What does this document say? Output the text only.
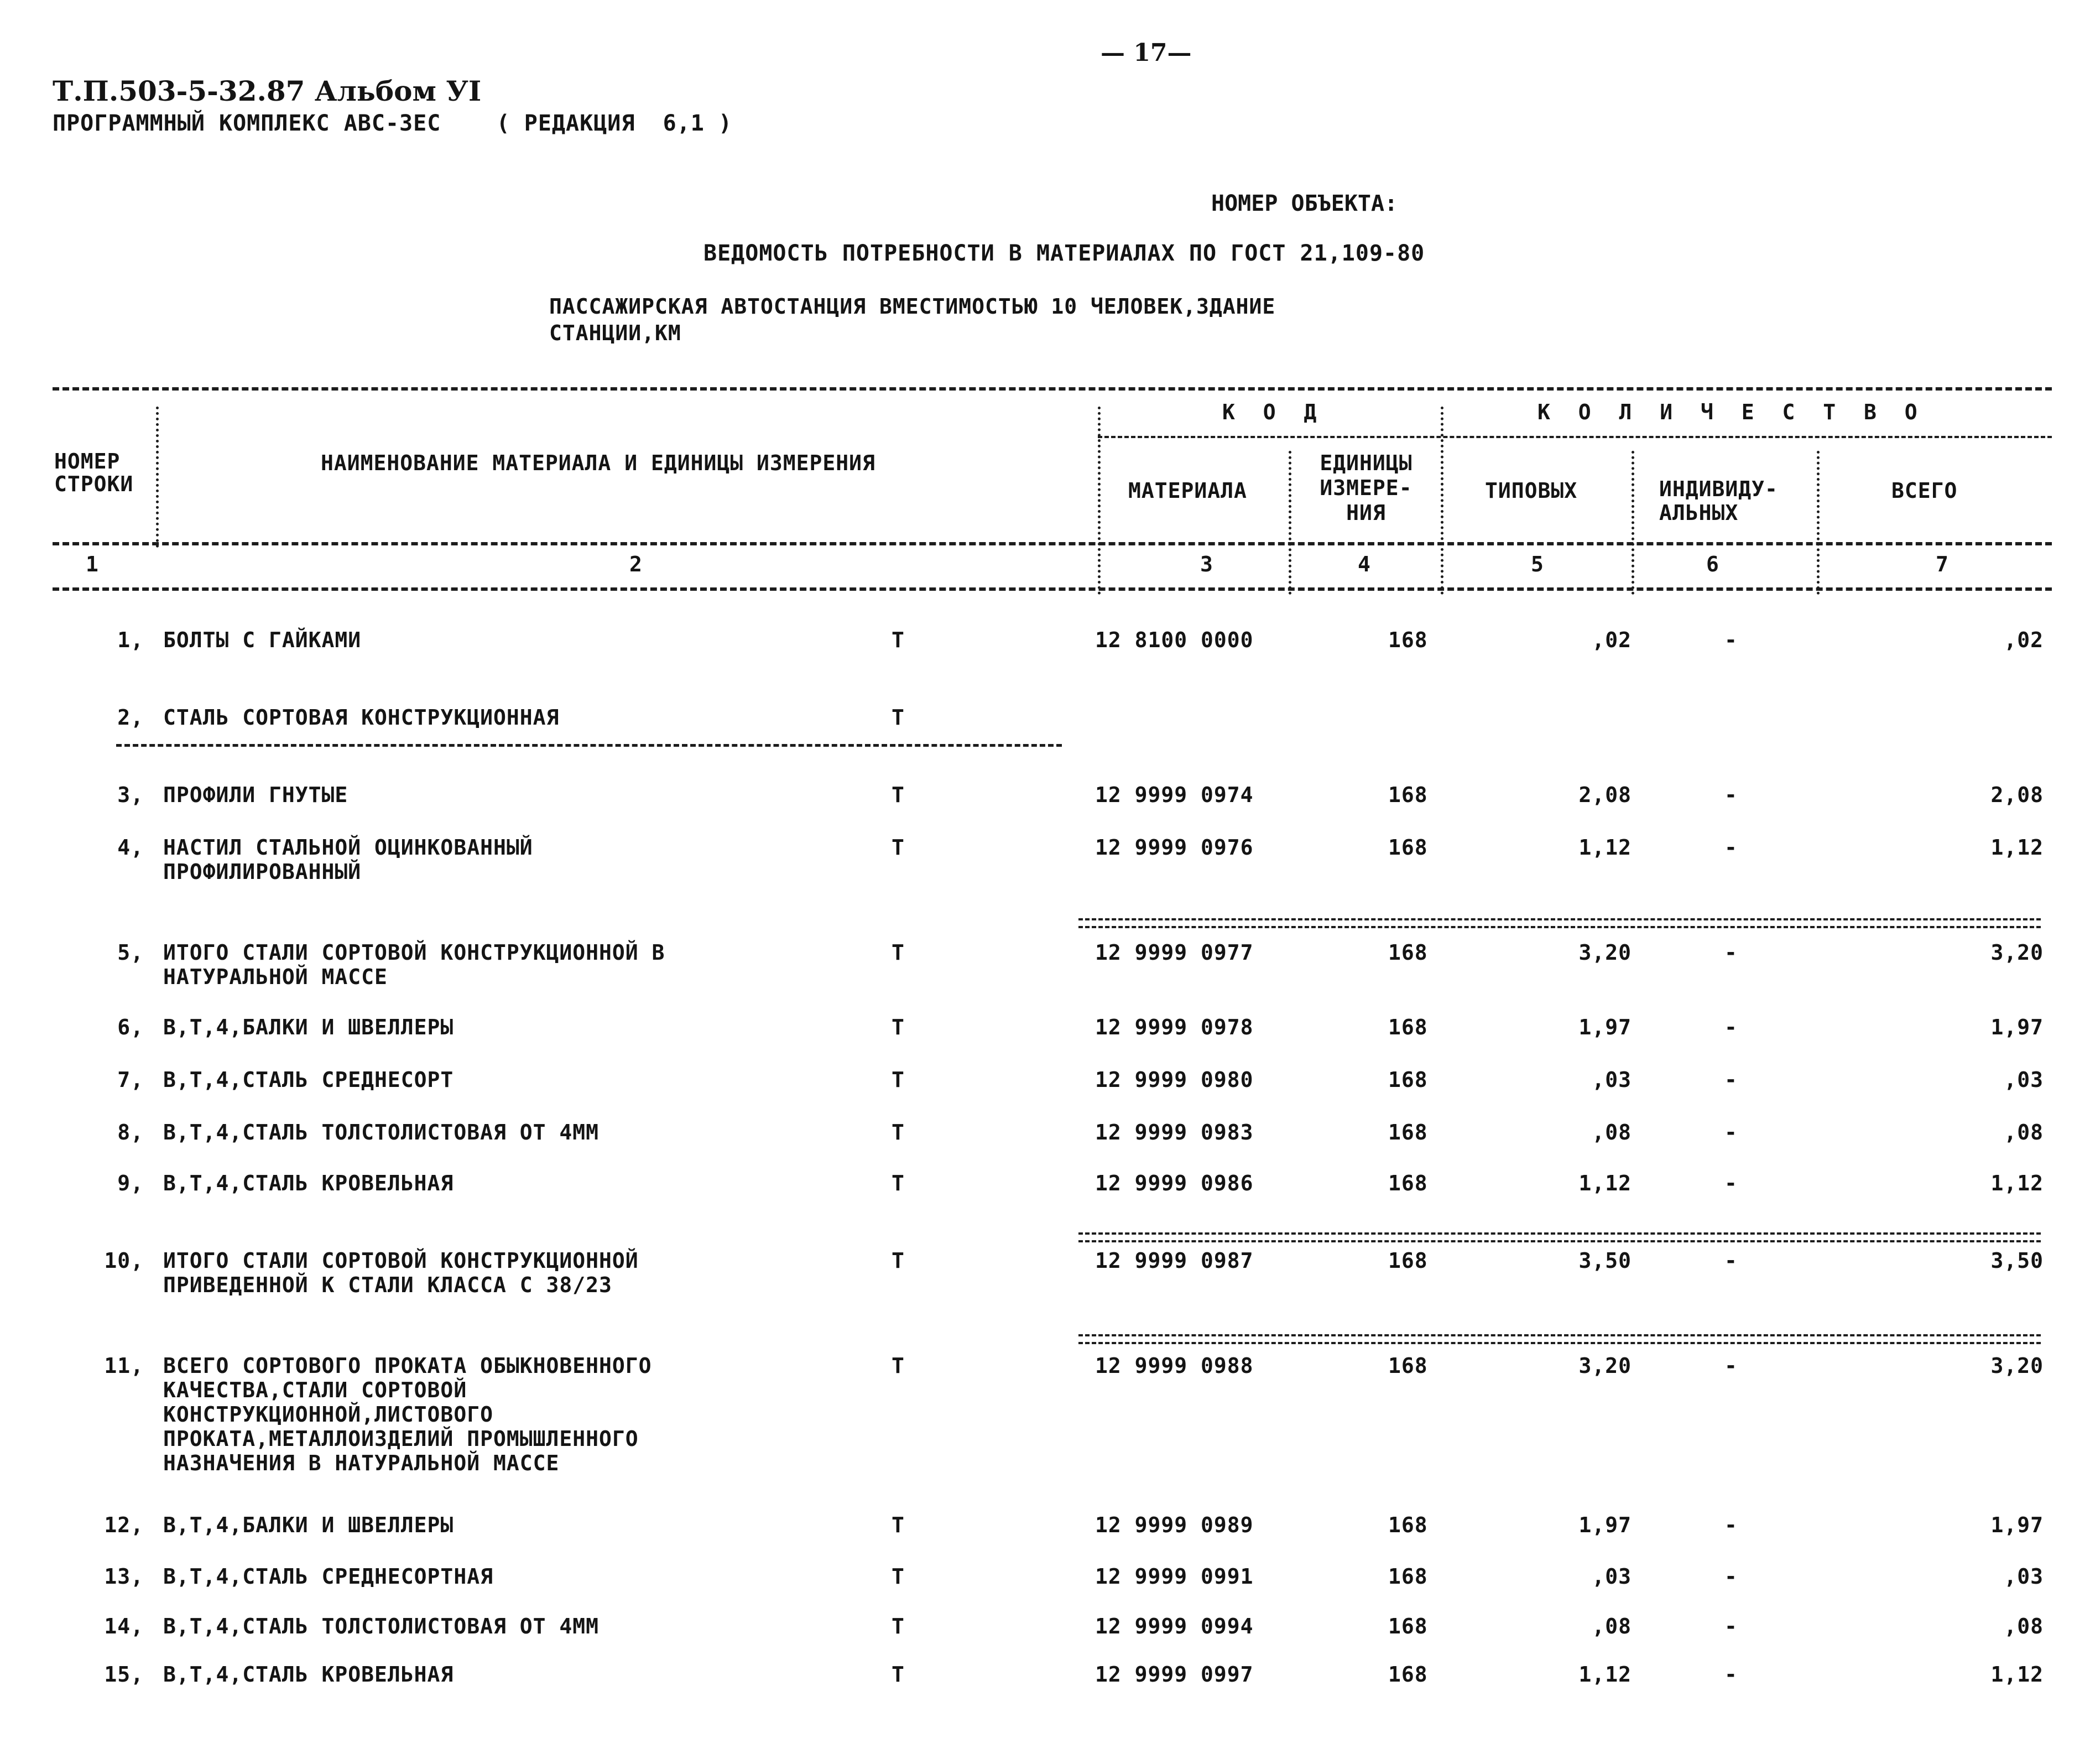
— 17—
Т.П.503-5-32.87 Альбом УI
ПРОГРАММНЫЙ КОМПЛЕКС АВС-3ЕС    ( РЕДАКЦИЯ  6,1 )
НОМЕР ОБЪЕКТА:
ВЕДОМОСТЬ ПОТРЕБНОСТИ В МАТЕРИАЛАХ ПО ГОСТ 21,109-80
ПАССАЖИРСКАЯ АВТОСТАНЦИЯ ВМЕСТИМОСТЬЮ 10 ЧЕЛОВЕК,ЗДАНИЕ
СТАНЦИИ,КМ
НОМЕР
СТРОКИ
НАИМЕНОВАНИЕ МАТЕРИАЛА И ЕДИНИЦЫ ИЗМЕРЕНИЯ
К О Д	К О Л И Ч Е С Т В О
МАТЕРИАЛА
ЕДИНИЦЫ
ИЗМЕРЕ-
НИЯ
ТИПОВЫХ	ИНДИВИДУ-
АЛЬНЫХ
ВСЕГО
1	2	3	4	5	6	7
1, БОЛТЫ С ГАЙКАМИ	Т	12 8100 0000	168	,02	-	,02
2, СТАЛЬ СОРТОВАЯ КОНСТРУКЦИОННАЯ	Т
3, ПРОФИЛИ ГНУТЫЕ	Т	12 9999 0974	168	2,08	-	2,08
4, НАСТИЛ СТАЛЬНОЙ ОЦИНКОВАННЫЙ
ПРОФИЛИРОВАННЫЙ
Т	12 9999 0976	168	1,12	-	1,12
5, ИТОГО СТАЛИ СОРТОВОЙ КОНСТРУКЦИОННОЙ В
НАТУРАЛЬНОЙ МАССЕ
Т	12 9999 0977	168	3,20	-	3,20
6, В,Т,4,БАЛКИ И ШВЕЛЛЕРЫ	Т	12 9999 0978	168	1,97	-	1,97
7, В,Т,4,СТАЛЬ СРЕДНЕСОРТ	Т	12 9999 0980	168	,03	-	,03
8, В,Т,4,СТАЛЬ ТОЛСТОЛИСТОВАЯ ОТ 4ММ	Т	12 9999 0983	168	,08	-	,08
9, В,Т,4,СТАЛЬ КРОВЕЛЬНАЯ	Т	12 9999 0986	168	1,12	-	1,12
10, ИТОГО СТАЛИ СОРТОВОЙ КОНСТРУКЦИОННОЙ
ПРИВЕДЕННОЙ К СТАЛИ КЛАССА С 38/23
Т	12 9999 0987	168	3,50	-	3,50
11, ВСЕГО СОРТОВОГО ПРОКАТА ОБЫКНОВЕННОГО
КАЧЕСТВА,СТАЛИ СОРТОВОЙ
КОНСТРУКЦИОННОЙ,ЛИСТОВОГО
ПРОКАТА,МЕТАЛЛОИЗДЕЛИЙ ПРОМЫШЛЕННОГО
НАЗНАЧЕНИЯ В НАТУРАЛЬНОЙ МАССЕ
Т	12 9999 0988	168	3,20	-	3,20
12, В,Т,4,БАЛКИ И ШВЕЛЛЕРЫ	Т	12 9999 0989	168	1,97	-	1,97
13, В,Т,4,СТАЛЬ СРЕДНЕСОРТНАЯ	Т	12 9999 0991	168	,03	-	,03
14, В,Т,4,СТАЛЬ ТОЛСТОЛИСТОВАЯ ОТ 4ММ	Т	12 9999 0994	168	,08	-	,08
15, В,Т,4,СТАЛЬ КРОВЕЛЬНАЯ	Т	12 9999 0997	168	1,12	-	1,12
